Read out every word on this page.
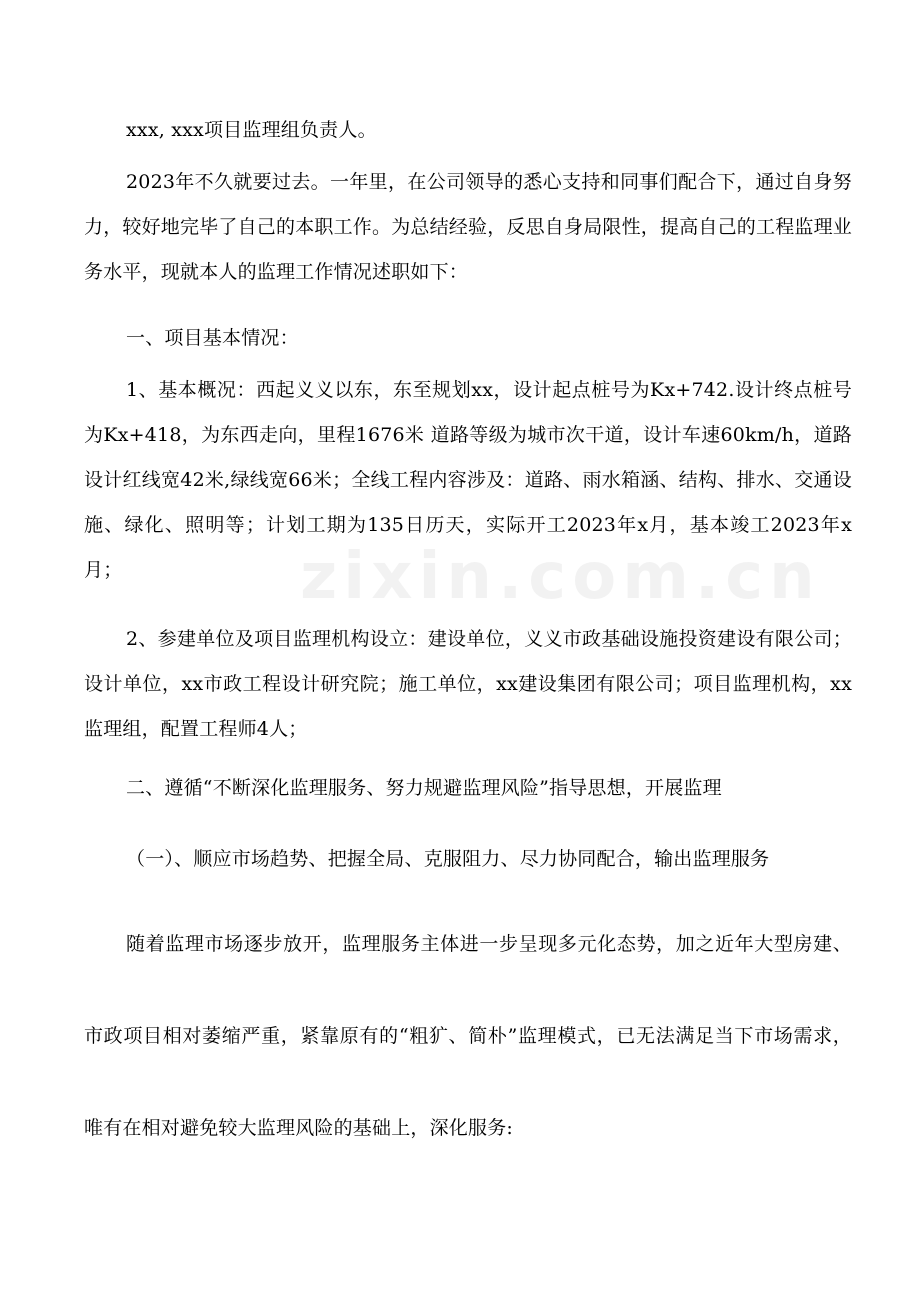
zixin.com.cn

xxx, xxx项目监理组负责人。

2023年不久就要过去。一年里，在公司领导的悉心支持和同事们配合下，通过自身努力，较好地完毕了自己的本职工作。为总结经验，反思自身局限性，提高自己的工程监理业务水平，现就本人的监理工作情况述职如下：

一、项目基本情况：

1、基本概况：西起义义以东，东至规划xx，设计起点桩号为Kx+742.设计终点桩号为Kx+418，为东西走向，里程1676米 道路等级为城市次干道，设计车速60km/h，道路设计红线宽42米,绿线宽66米；全线工程内容涉及：道路、雨水箱涵、结构、排水、交通设施、绿化、照明等；计划工期为135日历天，实际开工2023年x月，基本竣工2023年x月；

2、参建单位及项目监理机构设立：建设单位，义义市政基础设施投资建设有限公司；设计单位，xx市政工程设计研究院；施工单位，xx建设集团有限公司；项目监理机构，xx监理组，配置工程师4人；

二、遵循“不断深化监理服务、努力规避监理风险”指导思想，开展监理

（一）、顺应市场趋势、把握全局、克服阻力、尽力协同配合，输出监理服务

随着监理市场逐步放开，监理服务主体进一步呈现多元化态势，加之近年大型房建、市政项目相对萎缩严重，紧靠原有的“粗犷、简朴”监理模式，已无法满足当下市场需求，唯有在相对避免较大监理风险的基础上，深化服务:
